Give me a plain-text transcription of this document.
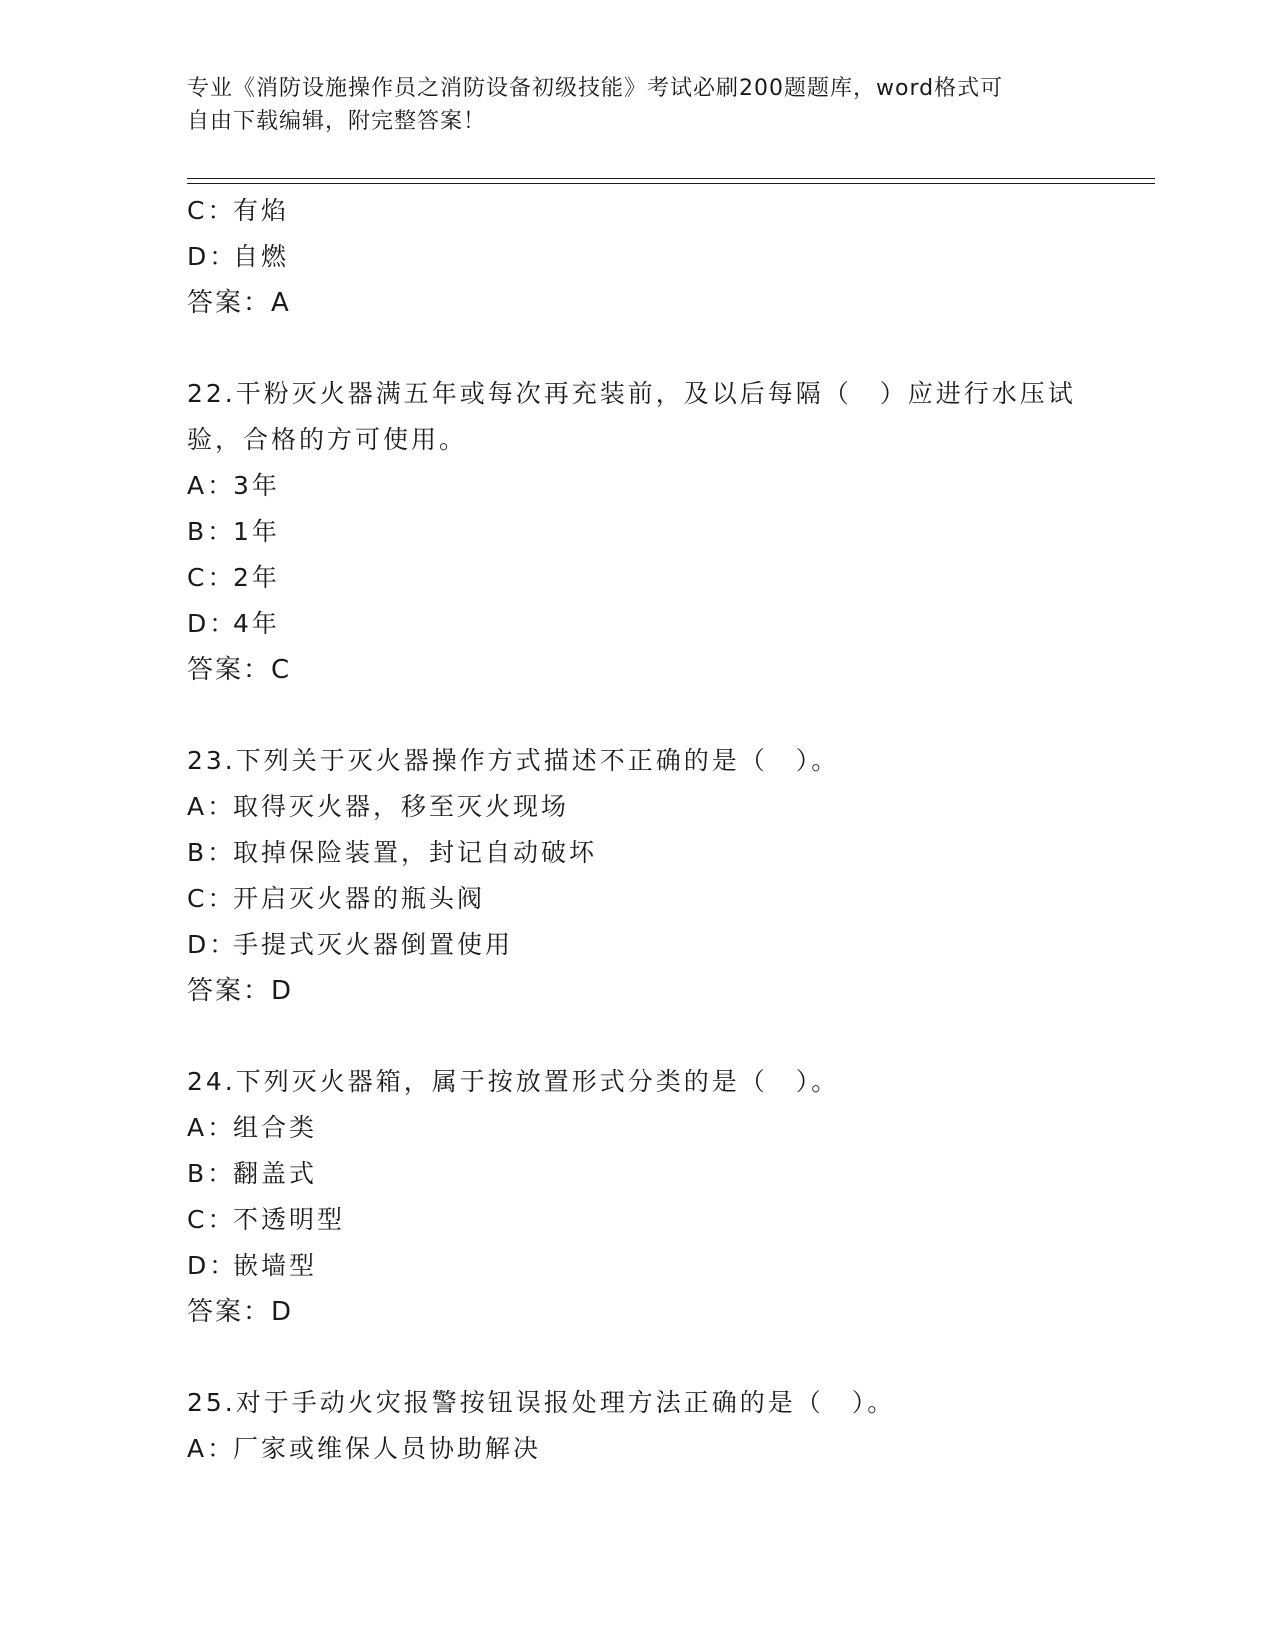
专业《消防设施操作员之消防设备初级技能》考试必刷200题题库，word格式可
自由下载编辑，附完整答案！
C：有焰
D：自燃
答案：A
22.干粉灭火器满五年或每次再充装前，及以后每隔（　）应进行水压试验，合格的方可使用。
A：3年
B：1年
C：2年
D：4年
答案：C
23.下列关于灭火器操作方式描述不正确的是（　）。
A：取得灭火器，移至灭火现场
B：取掉保险装置，封记自动破坏
C：开启灭火器的瓶头阀
D：手提式灭火器倒置使用
答案：D
24.下列灭火器箱，属于按放置形式分类的是（　）。
A：组合类
B：翻盖式
C：不透明型
D：嵌墙型
答案：D
25.对于手动火灾报警按钮误报处理方法正确的是（　）。
A：厂家或维保人员协助解决
